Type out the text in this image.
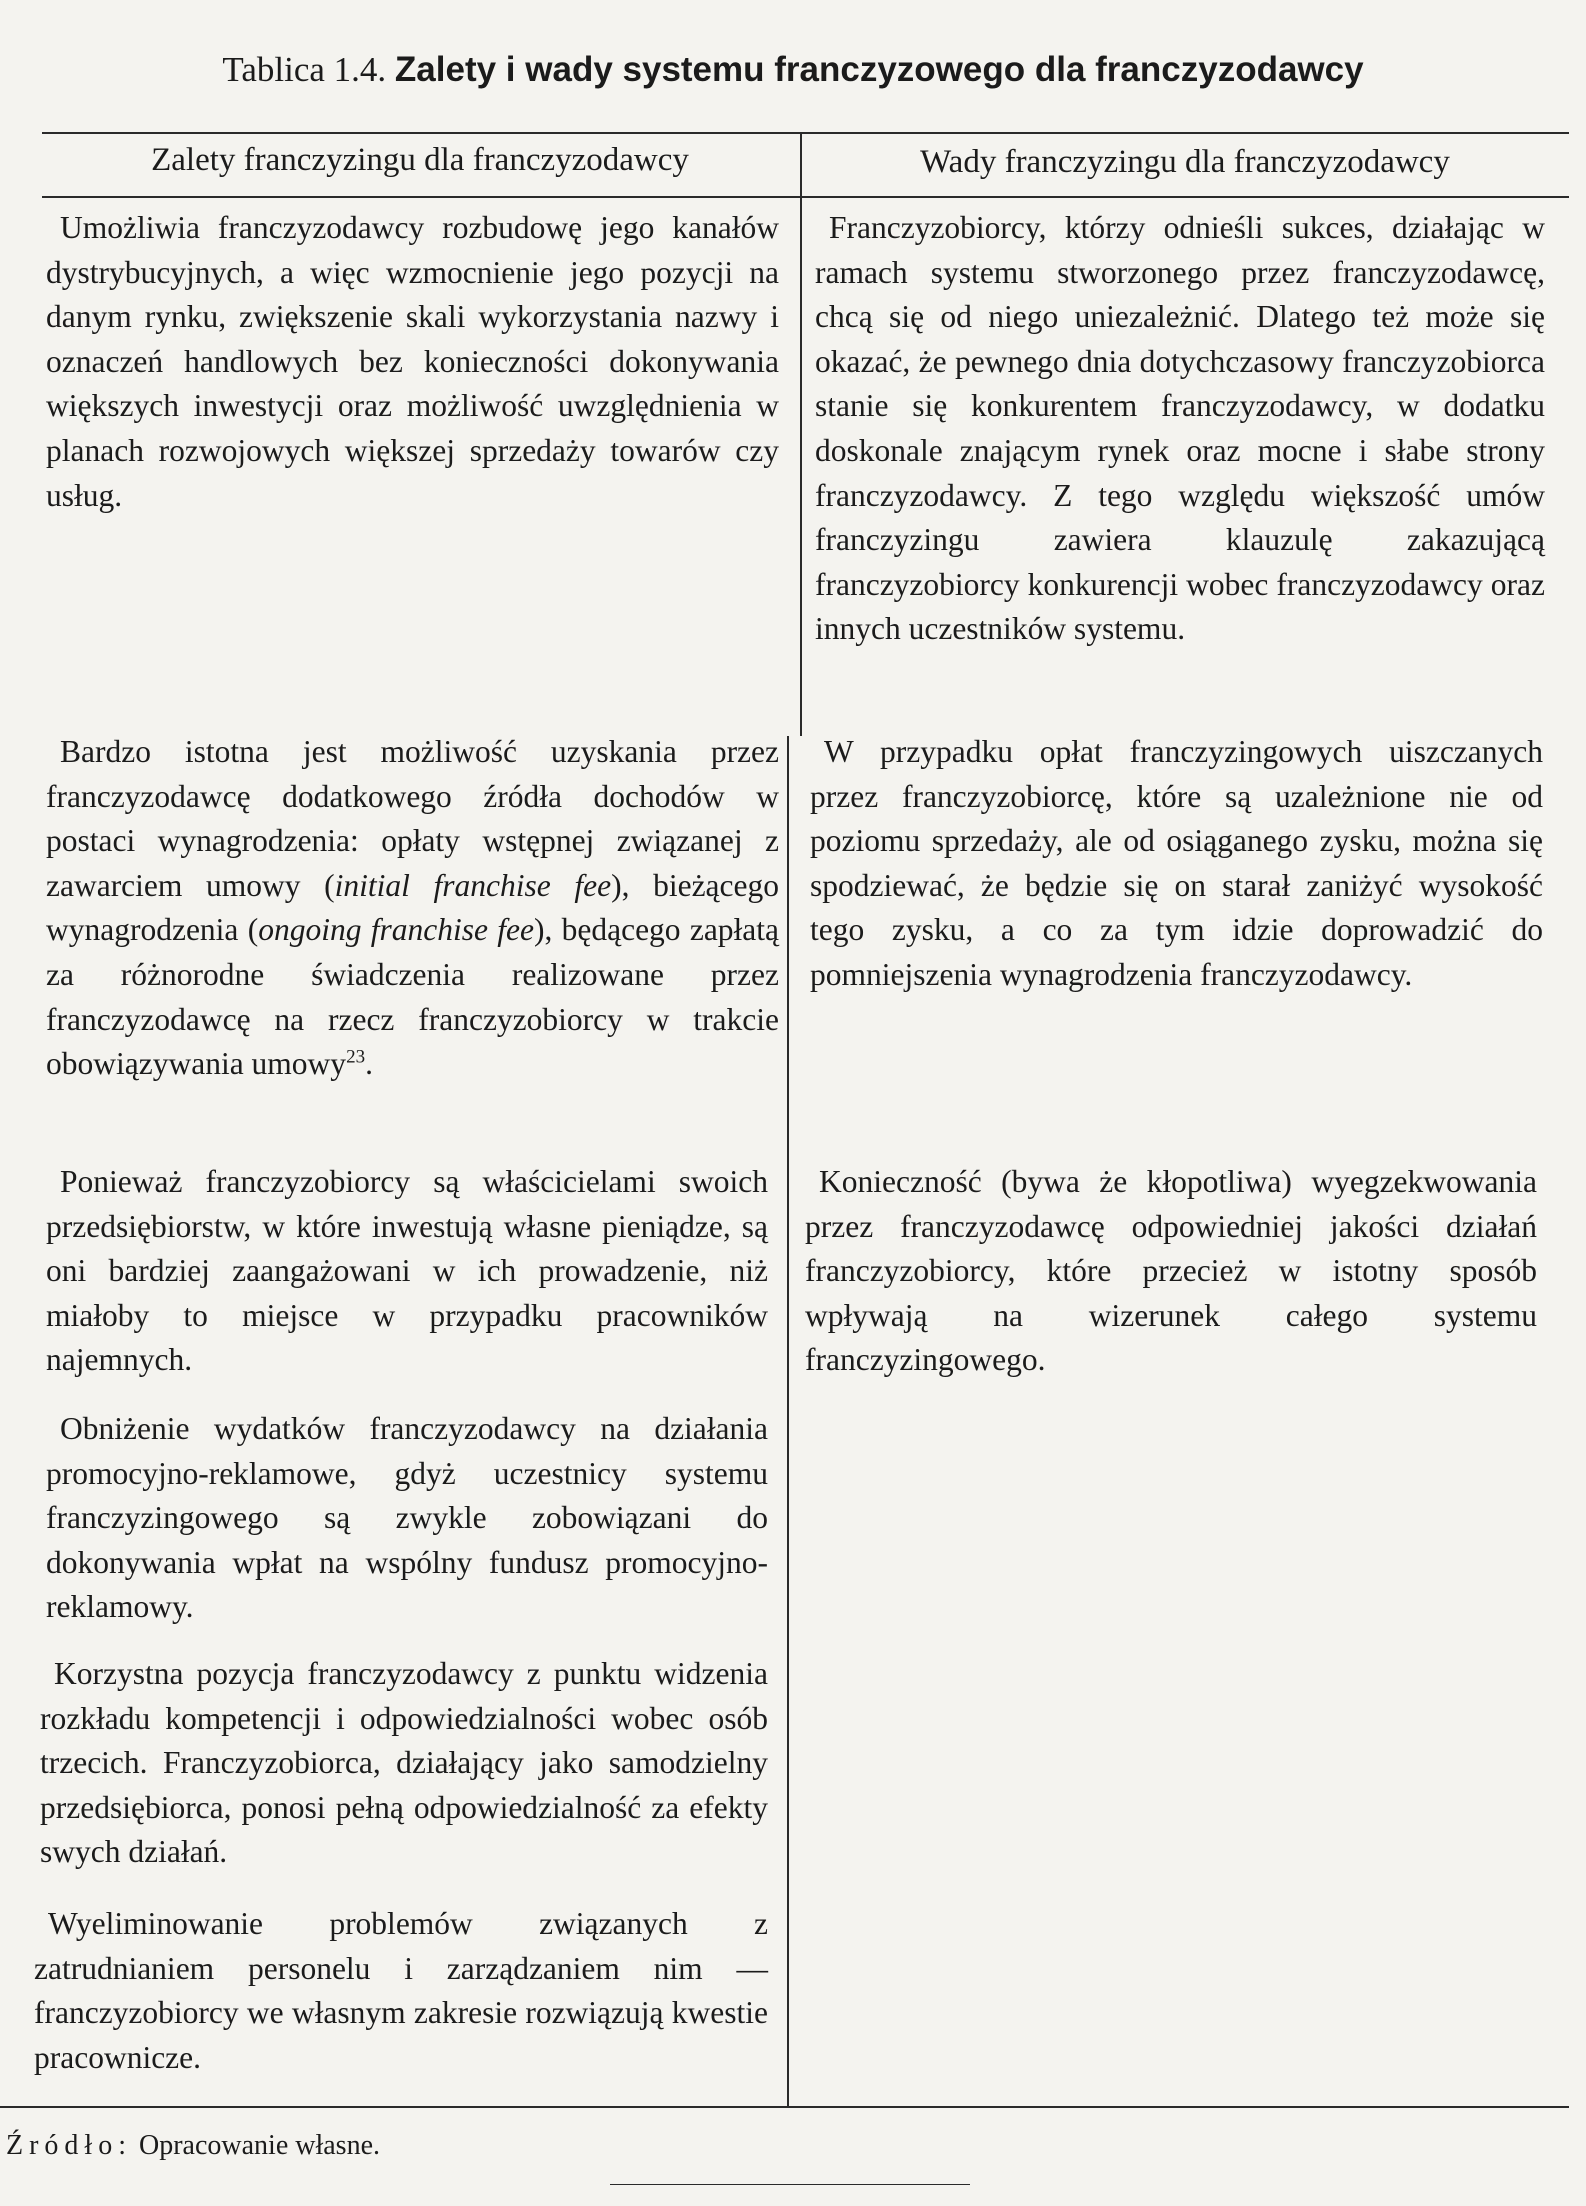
Tablica 1.4. Zalety i wady systemu franczyzowego dla franczyzodawcy
Zalety franczyzingu dla franczyzodawcy	Wady franczyzingu dla franczyzodawcy
Umożliwia franczyzodawcy rozbudowę jego kanałów dystrybucyjnych, a więc wzmocnienie jego pozycji na danym rynku, zwiększenie skali wykorzystania nazwy i oznaczeń handlowych bez konieczności dokonywania większych inwestycji oraz możliwość uwzględnienia w planach rozwojowych większej sprzedaży towarów czy usług.
Bardzo istotna jest możliwość uzyskania przez franczyzodawcę dodatkowego źródła dochodów w postaci wynagrodzenia: opłaty wstępnej związanej z zawarciem umowy (initial franchise fee), bieżącego wynagrodzenia (ongoing franchise fee), będącego zapłatą za różnorodne świadczenia realizowane przez franczyzodawcę na rzecz franczyzobiorcy w trakcie obowiązywania umowy$^{23}$.
Ponieważ franczyzobiorcy są właścicielami swoich przedsiębiorstw, w które inwestują własne pieniądze, są oni bardziej zaangażowani w ich prowadzenie, niż miałoby to miejsce w przypadku pracowników najemnych.
Obniżenie wydatków franczyzodawcy na działania promocyjno-reklamowe, gdyż uczestnicy systemu franczyzingowego są zwykle zobowiązani do dokonywania wpłat na wspólny fundusz promocyjno-reklamowy.
Korzystna pozycja franczyzodawcy z punktu widzenia rozkładu kompetencji i odpowiedzialności wobec osób trzecich. Franczyzobiorca, działający jako samodzielny przedsiębiorca, ponosi pełną odpowiedzialność za efekty swych działań.
Wyeliminowanie problemów związanych z zatrudnianiem personelu i zarządzaniem nim — franczyzobiorcy we własnym zakresie rozwiązują kwestie pracownicze.
Franczyzobiorcy, którzy odnieśli sukces, działając w ramach systemu stworzonego przez franczyzodawcę, chcą się od niego uniezależnić. Dlatego też może się okazać, że pewnego dnia dotychczasowy franczyzobiorca stanie się konkurentem franczyzodawcy, w dodatku doskonale znającym rynek oraz mocne i słabe strony franczyzodawcy. Z tego względu większość umów franczyzingu zawiera klauzulę zakazującą franczyzobiorcy konkurencji wobec franczyzodawcy oraz innych uczestników systemu.
W przypadku opłat franczyzingowych uiszczanych przez franczyzobiorcę, które są uzależnione nie od poziomu sprzedaży, ale od osiąganego zysku, można się spodziewać, że będzie się on starał zaniżyć wysokość tego zysku, a co za tym idzie doprowadzić do pomniejszenia wynagrodzenia franczyzodawcy.
Konieczność (bywa że kłopotliwa) wyegzekwowania przez franczyzodawcę odpowiedniej jakości działań franczyzobiorcy, które przecież w istotny sposób wpływają na wizerunek całego systemu franczyzingowego.
Źródło: Opracowanie własne.
